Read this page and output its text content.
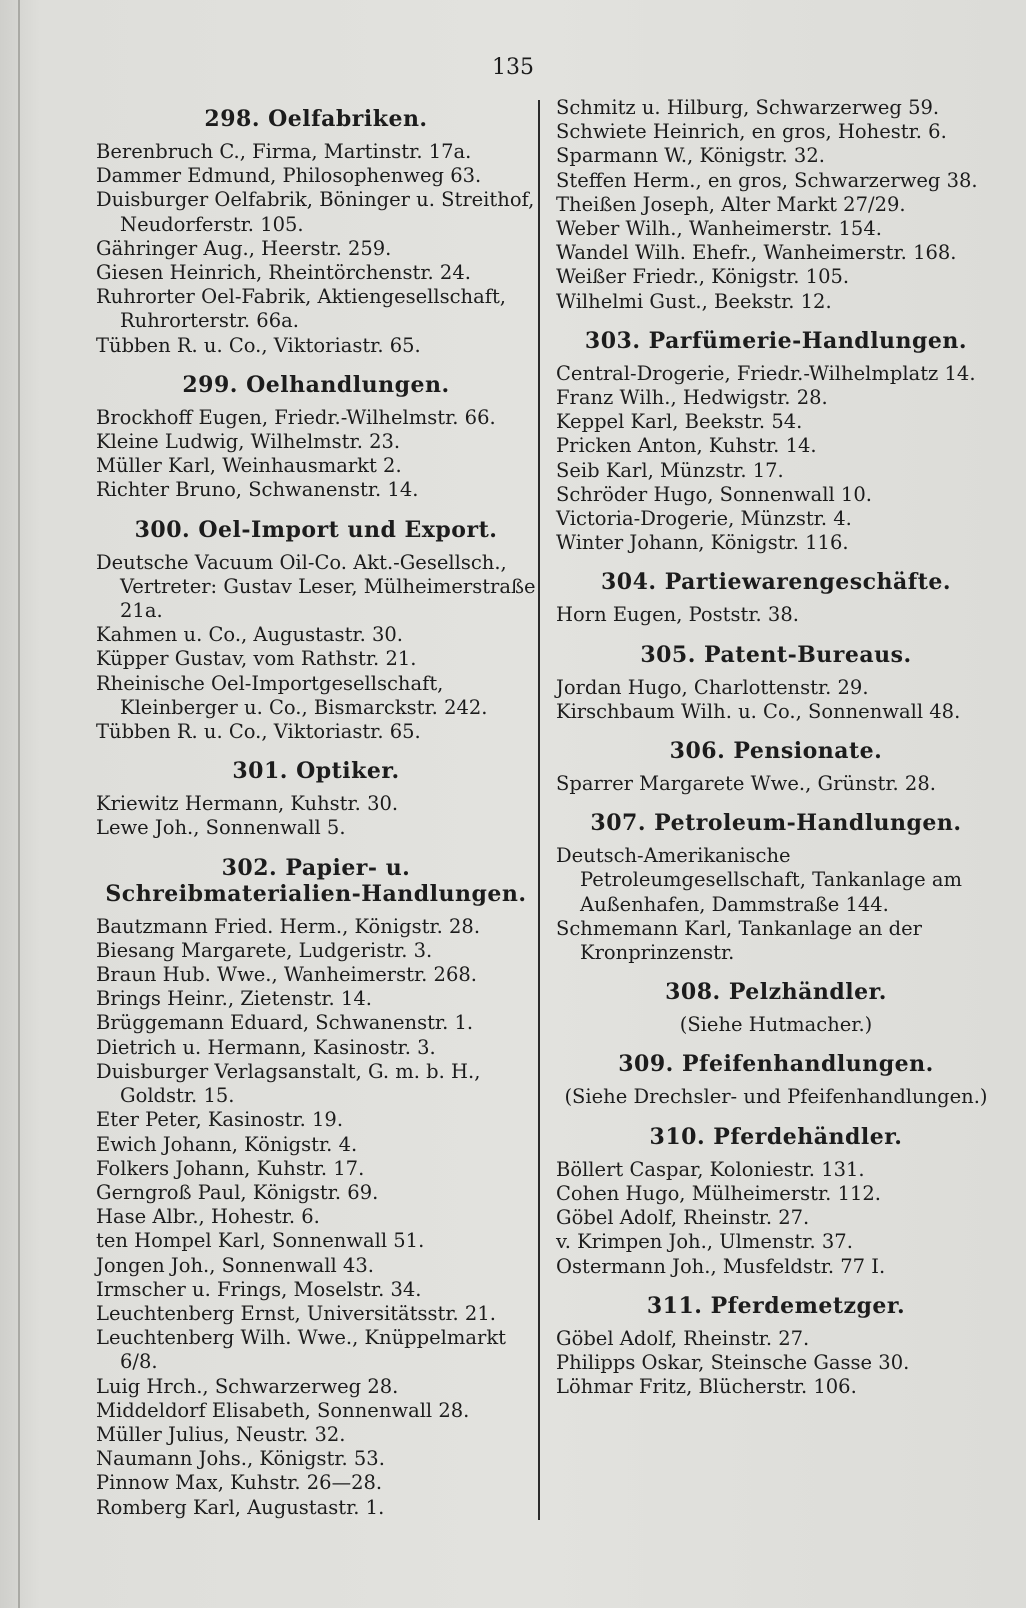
135
298. Oelfabriken.
Berenbruch C., Firma, Martinstr. 17a.
Dammer Edmund, Philosophenweg 63.
Duisburger Oelfabrik, Böninger u. Streithof, Neudorferstr. 105.
Gähringer Aug., Heerstr. 259.
Giesen Heinrich, Rheintörchenstr. 24.
Ruhrorter Oel-Fabrik, Aktiengesellschaft, Ruhrorterstr. 66a.
Tübben R. u. Co., Viktoriastr. 65.
299. Oelhandlungen.
Brockhoff Eugen, Friedr.-Wilhelmstr. 66.
Kleine Ludwig, Wilhelmstr. 23.
Müller Karl, Weinhausmarkt 2.
Richter Bruno, Schwanenstr. 14.
300. Oel-Import und Export.
Deutsche Vacuum Oil-Co. Akt.-Gesellsch., Vertreter: Gustav Leser, Mülheimerstraße 21a.
Kahmen u. Co., Augustastr. 30.
Küpper Gustav, vom Rathstr. 21.
Rheinische Oel-Importgesellschaft, Kleinberger u. Co., Bismarckstr. 242.
Tübben R. u. Co., Viktoriastr. 65.
301. Optiker.
Kriewitz Hermann, Kuhstr. 30.
Lewe Joh., Sonnenwall 5.
302. Papier- u. Schreibmaterialien-Handlungen.
Bautzmann Fried. Herm., Königstr. 28.
Biesang Margarete, Ludgeristr. 3.
Braun Hub. Wwe., Wanheimerstr. 268.
Brings Heinr., Zietenstr. 14.
Brüggemann Eduard, Schwanenstr. 1.
Dietrich u. Hermann, Kasinostr. 3.
Duisburger Verlagsanstalt, G. m. b. H., Goldstr. 15.
Eter Peter, Kasinostr. 19.
Ewich Johann, Königstr. 4.
Folkers Johann, Kuhstr. 17.
Gerngroß Paul, Königstr. 69.
Hase Albr., Hohestr. 6.
ten Hompel Karl, Sonnenwall 51.
Jongen Joh., Sonnenwall 43.
Irmscher u. Frings, Moselstr. 34.
Leuchtenberg Ernst, Universitätsstr. 21.
Leuchtenberg Wilh. Wwe., Knüppelmarkt 6/8.
Luig Hrch., Schwarzerweg 28.
Middeldorf Elisabeth, Sonnenwall 28.
Müller Julius, Neustr. 32.
Naumann Johs., Königstr. 53.
Pinnow Max, Kuhstr. 26—28.
Romberg Karl, Augustastr. 1.
Schmitz u. Hilburg, Schwarzerweg 59.
Schwiete Heinrich, en gros, Hohestr. 6.
Sparmann W., Königstr. 32.
Steffen Herm., en gros, Schwarzerweg 38.
Theißen Joseph, Alter Markt 27/29.
Weber Wilh., Wanheimerstr. 154.
Wandel Wilh. Ehefr., Wanheimerstr. 168.
Weißer Friedr., Königstr. 105.
Wilhelmi Gust., Beekstr. 12.
303. Parfümerie-Handlungen.
Central-Drogerie, Friedr.-Wilhelmplatz 14.
Franz Wilh., Hedwigstr. 28.
Keppel Karl, Beekstr. 54.
Pricken Anton, Kuhstr. 14.
Seib Karl, Münzstr. 17.
Schröder Hugo, Sonnenwall 10.
Victoria-Drogerie, Münzstr. 4.
Winter Johann, Königstr. 116.
304. Partiewarengeschäfte.
Horn Eugen, Poststr. 38.
305. Patent-Bureaus.
Jordan Hugo, Charlottenstr. 29.
Kirschbaum Wilh. u. Co., Sonnenwall 48.
306. Pensionate.
Sparrer Margarete Wwe., Grünstr. 28.
307. Petroleum-Handlungen.
Deutsch-Amerikanische Petroleumgesellschaft, Tankanlage am Außenhafen, Dammstraße 144.
Schmemann Karl, Tankanlage an der Kronprinzenstr.
308. Pelzhändler.
(Siehe Hutmacher.)
309. Pfeifenhandlungen.
(Siehe Drechsler- und Pfeifenhandlungen.)
310. Pferdehändler.
Böllert Caspar, Koloniestr. 131.
Cohen Hugo, Mülheimerstr. 112.
Göbel Adolf, Rheinstr. 27.
v. Krimpen Joh., Ulmenstr. 37.
Ostermann Joh., Musfeldstr. 77 I.
311. Pferdemetzger.
Göbel Adolf, Rheinstr. 27.
Philipps Oskar, Steinsche Gasse 30.
Löhmar Fritz, Blücherstr. 106.
